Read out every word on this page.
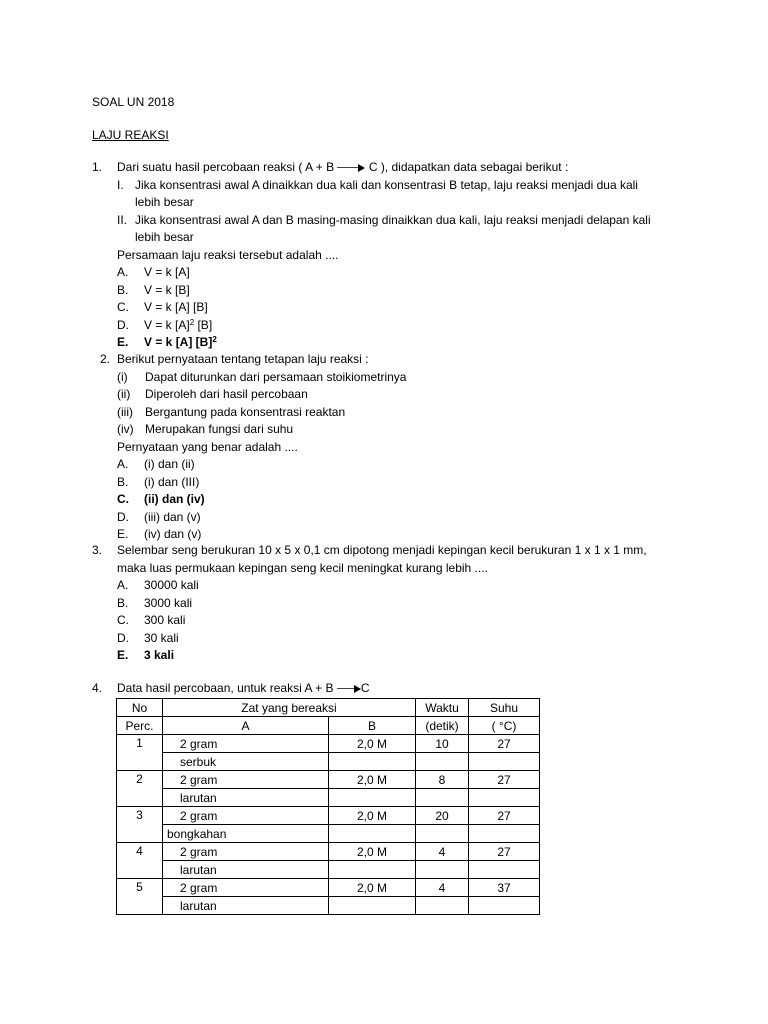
SOAL UN 2018
LAJU REAKSI
1. Dari suatu hasil percobaan reaksi ( A + B	C ), didapatkan data sebagai berikut :
I. Jika konsentrasi awal A dinaikkan dua kali dan konsentrasi B tetap, laju reaksi menjadi dua kali
lebih besar
II. Jika konsentrasi awal A dan B masing-masing dinaikkan dua kali, laju reaksi menjadi delapan kali
lebih besar
Persamaan laju reaksi tersebut adalah ....
A. V = k [A]
B. V = k [B]
C. V = k [A] [B]
D. V = k $[A]^2$ [B]
E. V = k [A] $[B]^2$
2. Berikut pernyataan tentang tetapan laju reaksi :
(i) Dapat diturunkan dari persamaan stoikiometrinya
(ii) Diperoleh dari hasil percobaan
(iii) Bergantung pada konsentrasi reaktan
(iv) Merupakan fungsi dari suhu
Pernyataan yang benar adalah ....
A. (i) dan (ii)
B. (i) dan (III)
C. (ii) dan (iv)
D. (iii) dan (v)
E. (iv) dan (v)
3. Selembar seng berukuran 10 x 5 x 0,1 cm dipotong menjadi kepingan kecil berukuran 1 x 1 x 1 mm,
maka luas permukaan kepingan seng kecil meningkat kurang lebih ....
A. 30000 kali
B. 3000 kali
C. 300 kali
D. 30 kali
E. 3 kali
4. Data hasil percobaan, untuk reaksi A + B C
No	Zat yang bereaksi		Waktu	Suhu
Perc.	A	B	(detik)	( °C)
1	2 gram	2,0 M	10	27
	serbuk			
2	2 gram	2,0 M	8	27
	larutan			
3	2 gram	2,0 M	20	27
	bongkahan			
4	2 gram	2,0 M	4	27
	larutan			
5	2 gram	2,0 M	4	37
	larutan			
